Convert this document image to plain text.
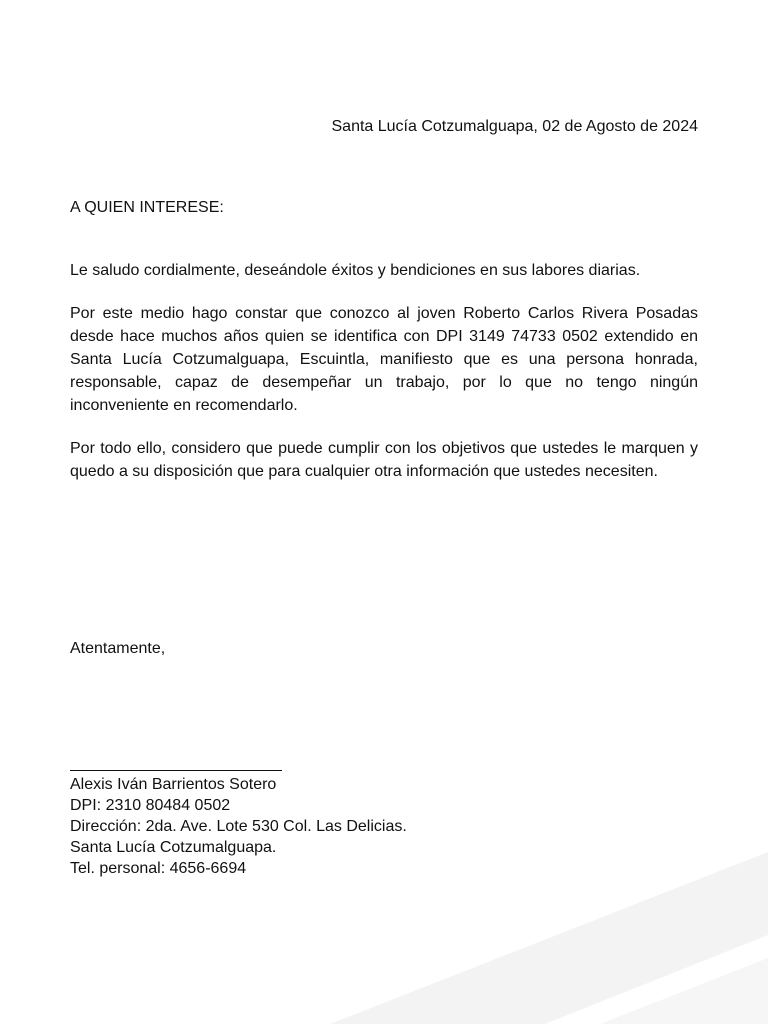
Santa Lucía Cotzumalguapa, 02 de Agosto de 2024
A QUIEN INTERESE:

Le saludo cordialmente, deseándole éxitos y bendiciones en sus labores diarias.

Por este medio hago constar que conozco al joven Roberto Carlos Rivera Posadas desde hace muchos años quien se identifica con DPI 3149 74733 0502 extendido en Santa Lucía Cotzumalguapa, Escuintla, manifiesto que es una persona honrada, responsable, capaz de desempeñar un trabajo, por lo que no tengo ningún inconveniente en recomendarlo.

Por todo ello, considero que puede cumplir con los objetivos que ustedes le marquen y quedo a su disposición que para cualquier otra información que ustedes necesiten.

Atentamente,
Alexis Iván Barrientos Sotero
DPI: 2310 80484 0502
Dirección: 2da. Ave. Lote 530 Col. Las Delicias.
Santa Lucía Cotzumalguapa.
Tel. personal: 4656-6694
